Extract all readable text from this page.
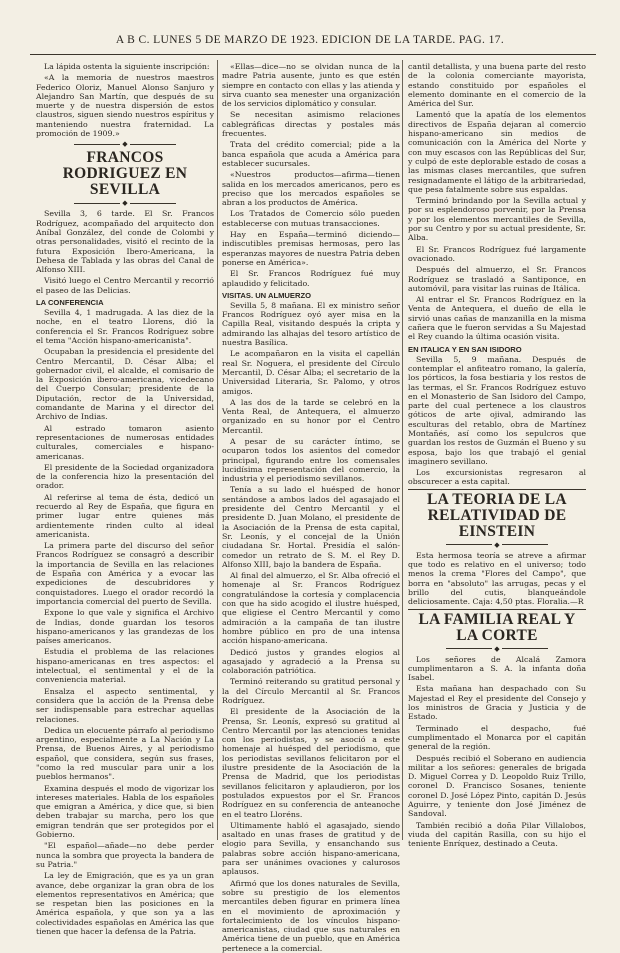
A B C. LUNES 5 DE MARZO DE 1923. EDICION DE LA TARDE. PAG. 17.

La lápida ostenta la siguiente inscripción:

«A la memoria de nuestros maestros Federico Oloriz, Manuel Alonso Sanjuro y Alejandro San Martín, que después de su muerte y de nuestra dispersión de estos claustros, siguen siendo nuestros espíritus y manteniendo nuestra fraternidad. La promoción de 1909.»

◆
FRANCOS RODRIGUEZ EN SEVILLA
◆

Sevilla 3, 6 tarde. El Sr. Francos Rodríguez, acompañado del arquitecto don Aníbal González, del conde de Colombi y otras personalidades, visitó el recinto de la futura Exposición Ibero-Americana, la Dehesa de Tablada y las obras del Canal de Alfonso XIII.

Visitó luego el Centro Mercantil y recorrió el paseo de las Delicias.

LA CONFERENCIA

Sevilla 4, 1 madrugada. A las diez de la noche, en el teatro Llorens, dió la conferencia el Sr. Francos Rodríguez sobre el tema "Acción hispano-americanista".

Ocupaban la presidencia el presidente del Centro Mercantil, D. César Alba; el gobernador civil, el alcalde, el comisario de la Exposición ibero-americana, vicedecano del Cuerpo Consular; presidente de la Diputación, rector de la Universidad, comandante de Marina y el director del Archivo de Indias.

Al estrado tomaron asiento representaciones de numerosas entidades culturales, comerciales e hispano-americanas.

El presidente de la Sociedad organizadora de la conferencia hizo la presentación del orador.

Al referirse al tema de ésta, dedicó un recuerdo al Rey de España, que figura en primer lugar entre quienes más ardientemente rinden culto al ideal americanista.

La primera parte del discurso del señor Francos Rodríguez se consagró a describir la importancia de Sevilla en las relaciones de España con América y a evocar las expediciones de descubridores y conquistadores. Luego el orador recordó la importancia comercial del puerto de Sevilla.

Expone lo que vale y significa el Archivo de Indias, donde guardan los tesoros hispano-americanos y las grandezas de los países americanos.

Estudia el problema de las relaciones hispano-americanas en tres aspectos: el intelectual, el sentimental y el de la conveniencia material.

Ensalza el aspecto sentimental, y considera que la acción de la Prensa debe ser indispensable para estrechar aquellas relaciones.

Dedica un elocuente párrafo al periodismo argentino, especialmente a La Nación y La Prensa, de Buenos Aires, y al periodismo español, que considera, según sus frases, "como la red muscular para unir a los pueblos hermanos".

Examina después el modo de vigorizar los intereses materiales. Habla de los españoles que emigran a América, y dice que, si bien deben trabajar su marcha, pero los que emigran tendrán que ser protegidos por el Gobierno.

"El español—añade—no debe perder nunca la sombra que proyecta la bandera de su Patria."

La ley de Emigración, que es ya un gran avance, debe organizar la gran obra de los elementos representativos en América; que se respetan bien las posiciones en la América española, y que son ya a las colectividades españolas en América las que tienen que hacer la defensa de la Patria.

«Ellas—dice—no se olvidan nunca de la madre Patria ausente, junto es que estén siempre en contacto con ellas y las atienda y sirva cuanto sea menester una organización de los servicios diplomático y consular.

Se necesitan asimismo relaciones cablegráficas directas y postales más frecuentes.

Trata del crédito comercial; pide a la banca española que acuda a América para establecer sucursales.

«Nuestros productos—afirma—tienen salida en los mercados americanos, pero es preciso que los mercados españoles se abran a los productos de América.

Los Tratados de Comercio sólo pueden establecerse con mutuas transacciones.

Hay en España—terminó diciendo—indiscutibles premisas hermosas, pero las esperanzas mayores de nuestra Patria deben ponerse en América».

El Sr. Francos Rodríguez fué muy aplaudido y felicitado.

VISITAS. UN ALMUERZO

Sevilla 5, 8 mañana. El ex ministro señor Francos Rodríguez oyó ayer misa en la Capilla Real, visitando después la cripta y admirando las alhajas del tesoro artístico de nuestra Basílica.

Le acompañaron en la visita el capellán real Sr. Noguera, el presidente del Círculo Mercantil, D. César Alba; el secretario de la Universidad Literaria, Sr. Palomo, y otros amigos.

A las dos de la tarde se celebró en la Venta Real, de Antequera, el almuerzo organizado en su honor por el Centro Mercantil.

A pesar de su carácter íntimo, se ocuparon todos los asientos del comedor principal, figurando entre los comensales lucidísima representación del comercio, la industria y el periodismo sevillanos.

Tenía a su lado el huésped de honor sentándose a ambos lados del agasajado el presidente del Centro Mercantil y el presidente D. Juan Molano, el presidente de la Asociación de la Prensa de esta capital, Sr. Leonís, y el concejal de la Unión ciudadana Sr. Hortal. Presidía el salón-comedor un retrato de S. M. el Rey D. Alfonso XIII, bajo la bandera de España.

Al final del almuerzo, el Sr. Alba ofreció el homenaje al Sr. Francos Rodríguez congratulándose la cortesía y complacencia con que ha sido acogido el ilustre huésped, que eligiese el Centro Mercantil y como admiración a la campaña de tan ilustre hombre público en pro de una intensa acción hispano-americana.

Dedicó justos y grandes elogios al agasajado y agradeció a la Prensa su colaboración patriótica.

Terminó reiterando su gratitud personal y la del Círculo Mercantil al Sr. Francos Rodríguez.

El presidente de la Asociación de la Prensa, Sr. Leonís, expresó su gratitud al Centro Mercantil por las atenciones tenidas con los periodistas, y se asoció a este homenaje al huésped del periodismo, que los periodistas sevillanos felicitaron por el ilustre presidente de la Asociación de la Prensa de Madrid, que los periodistas sevillanos felicitaron y aplaudieron, por los postulados expuestos por el Sr. Francos Rodríguez en su conferencia de anteanoche en el teatro Lloréns.

Ultimamente habló el agasajado, siendo asaltado en unas frases de gratitud y de elogio para Sevilla, y ensanchando sus palabras sobre acción hispano-americana, para ser unánimes ovaciones y calurosos aplausos.

Afirmó que los dones naturales de Sevilla, sobre su prestigio de los elementos mercantiles deben figurar en primera línea en el movimiento de aproximación y fortalecimiento de los vínculos hispano-americanistas, ciudad que sus naturales en América tiene de un pueblo, que en América pertenece a la comercial.

cantil detallista, y una buena parte del resto de la colonia comerciante mayorista, estando constituido por españoles el elemento dominante en el comercio de la América del Sur.

Lamentó que la apatía de los elementos directivos de España dejaran al comercio hispano-americano sin medios de comunicación con la América del Norte y con muy escasos con las Repúblicas del Sur, y culpó de este deplorable estado de cosas a las mismas clases mercantiles, que sufren resignadamente el látigo de la arbitrariedad, que pesa fatalmente sobre sus espaldas.

Terminó brindando por la Sevilla actual y por su esplendoroso porvenir, por la Prensa y por los elementos mercantiles de Sevilla, por su Centro y por su actual presidente, Sr. Alba.

El Sr. Francos Rodríguez fué largamente ovacionado.

Después del almuerzo, el Sr. Francos Rodríguez se trasladó a Santiponce, en automóvil, para visitar las ruinas de Itálica.

Al entrar el Sr. Francos Rodríguez en la Venta de Antequera, el dueño de ella le sirvió unas cañas de manzanilla en la misma cañera que le fueron servidas a Su Majestad el Rey cuando la última ocasión visita.

EN ITALICA Y EN SAN ISIDORO

Sevilla 5, 9 mañana. Después de contemplar el anfiteatro romano, la galería, los pórticos, la fosa bestiaria y los restos de las termas, el Sr. Francos Rodríguez estuvo en el Monasterio de San Isidoro del Campo, parte del cual pertenece a los claustros góticos de arte ojival, admirando las esculturas del retablo, obra de Martínez Montañés, así como los sepulcros que guardan los restos de Guzmán el Bueno y su esposa, bajo los que trabajó el genial imaginero sevillano.

Los excursionistas regresaron al obscurecer a esta capital.

LA TEORIA DE LA RELATIVIDAD DE EINSTEIN
◆

Esta hermosa teoría se atreve a afirmar que todo es relativo en el universo; todo menos la crema "Flores del Campo", que borra en "absoluto" las arrugas, pecas y el brillo del cutis, blanqueándole deliciosamente. Caja: 4,50 ptas. Floralia.—R

LA FAMILIA REAL Y LA CORTE
◆

Los señores de Alcalá Zamora cumplimentaron a S. A. la infanta doña Isabel.

Esta mañana han despachado con Su Majestad el Rey el presidente del Consejo y los ministros de Gracia y Justicia y de Estado.

Terminado el despacho, fué cumplimentado el Monarca por el capitán general de la región.

Después recibió el Soberano en audiencia militar a los señores: generales de brigada D. Miguel Correa y D. Leopoldo Ruiz Trillo, coronel D. Francisco Sosanes, teniente coronel D. José López Pinto, capitán D. Jesús Aguirre, y teniente don José Jiménez de Sandoval.

También recibió a doña Pilar Villalobos, viuda del capitán Rasilla, con su hijo el teniente Enríquez, destinado a Ceuta.
